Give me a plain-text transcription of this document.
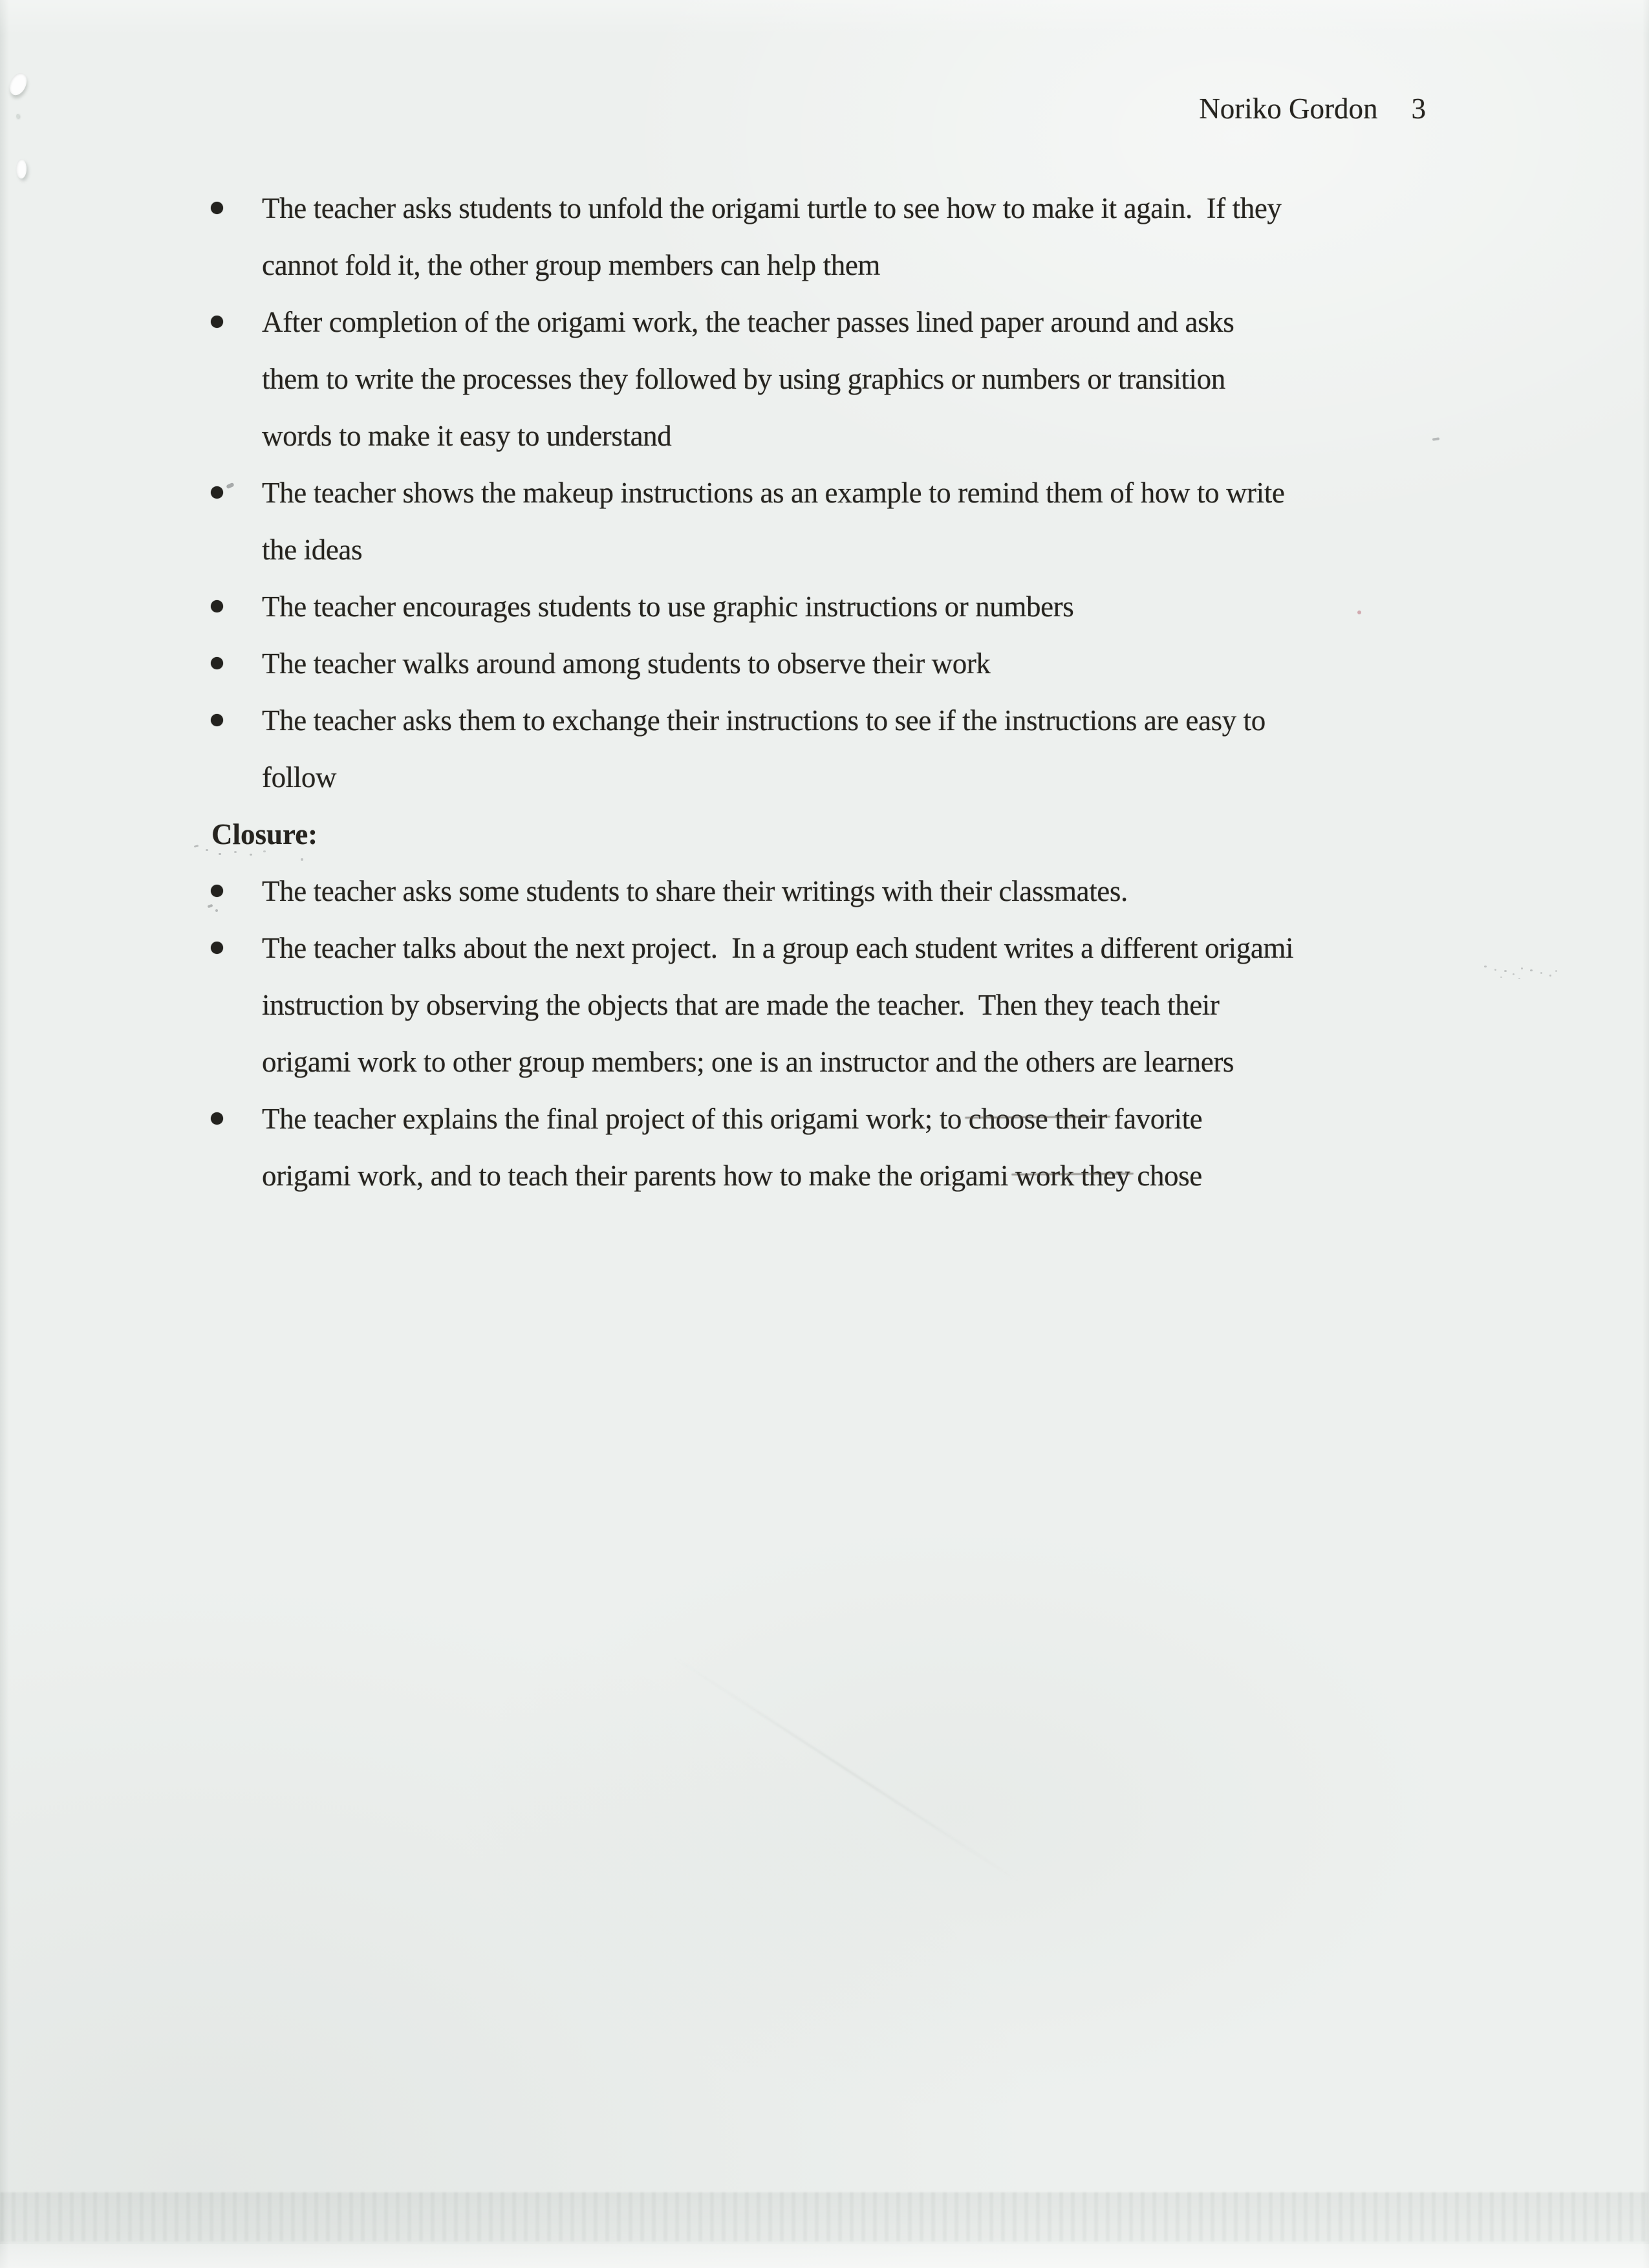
Noriko Gordon 3
The teacher asks students to unfold the origami turtle to see how to make it again.  If they
cannot fold it, the other group members can help them
After completion of the origami work, the teacher passes lined paper around and asks
them to write the processes they followed by using graphics or numbers or transition
words to make it easy to understand
The teacher shows the makeup instructions as an example to remind them of how to write
the ideas
The teacher encourages students to use graphic instructions or numbers
The teacher walks around among students to observe their work
The teacher asks them to exchange their instructions to see if the instructions are easy to
follow
Closure:
The teacher asks some students to share their writings with their classmates.
The teacher talks about the next project.  In a group each student writes a different origami
instruction by observing the objects that are made the teacher.  Then they teach their
origami work to other group members; one is an instructor and the others are learners
The teacher explains the final project of this origami work; to choose their favorite
origami work, and to teach their parents how to make the origami work they chose
